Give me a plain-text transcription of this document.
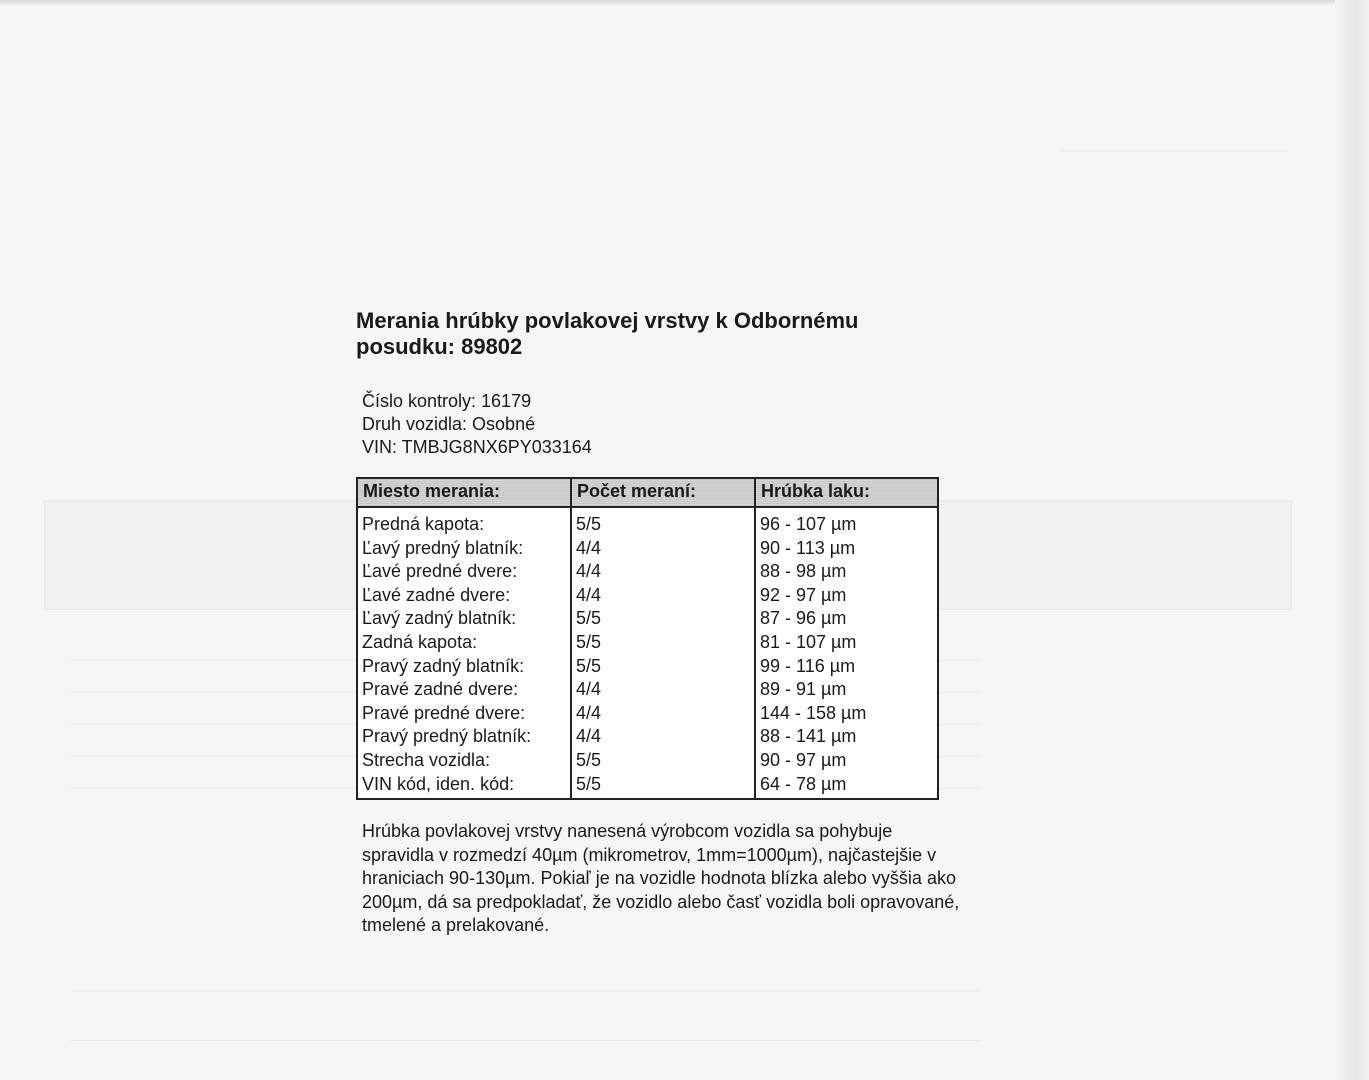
Merania hrúbky povlakovej vrstvy k Odbornému posudku: 89802
Číslo kontroly: 16179
Druh vozidla: Osobné
VIN: TMBJG8NX6PY033164
Miesto merania:	Počet meraní:	Hrúbka laku:
Predná kapota:	5/5	96 - 107 µm
Ľavý predný blatník:	4/4	90 - 113 µm
Ľavé predné dvere:	4/4	88 - 98 µm
Ľavé zadné dvere:	4/4	92 - 97 µm
Ľavý zadný blatník:	5/5	87 - 96 µm
Zadná kapota:	5/5	81 - 107 µm
Pravý zadný blatník:	5/5	99 - 116 µm
Pravé zadné dvere:	4/4	89 - 91 µm
Pravé predné dvere:	4/4	144 - 158 µm
Pravý predný blatník:	4/4	88 - 141 µm
Strecha vozidla:	5/5	90 - 97 µm
VIN kód, iden. kód:	5/5	64 - 78 µm

Hrúbka povlakovej vrstvy nanesená výrobcom vozidla sa pohybuje spravidla v rozmedzí 40µm (mikrometrov, 1mm=1000µm), najčastejšie v hraniciach 90-130µm. Pokiaľ je na vozidle hodnota blízka alebo vyššia ako 200µm, dá sa predpokladať, že vozidlo alebo časť vozidla boli opravované, tmelené a prelakované.
